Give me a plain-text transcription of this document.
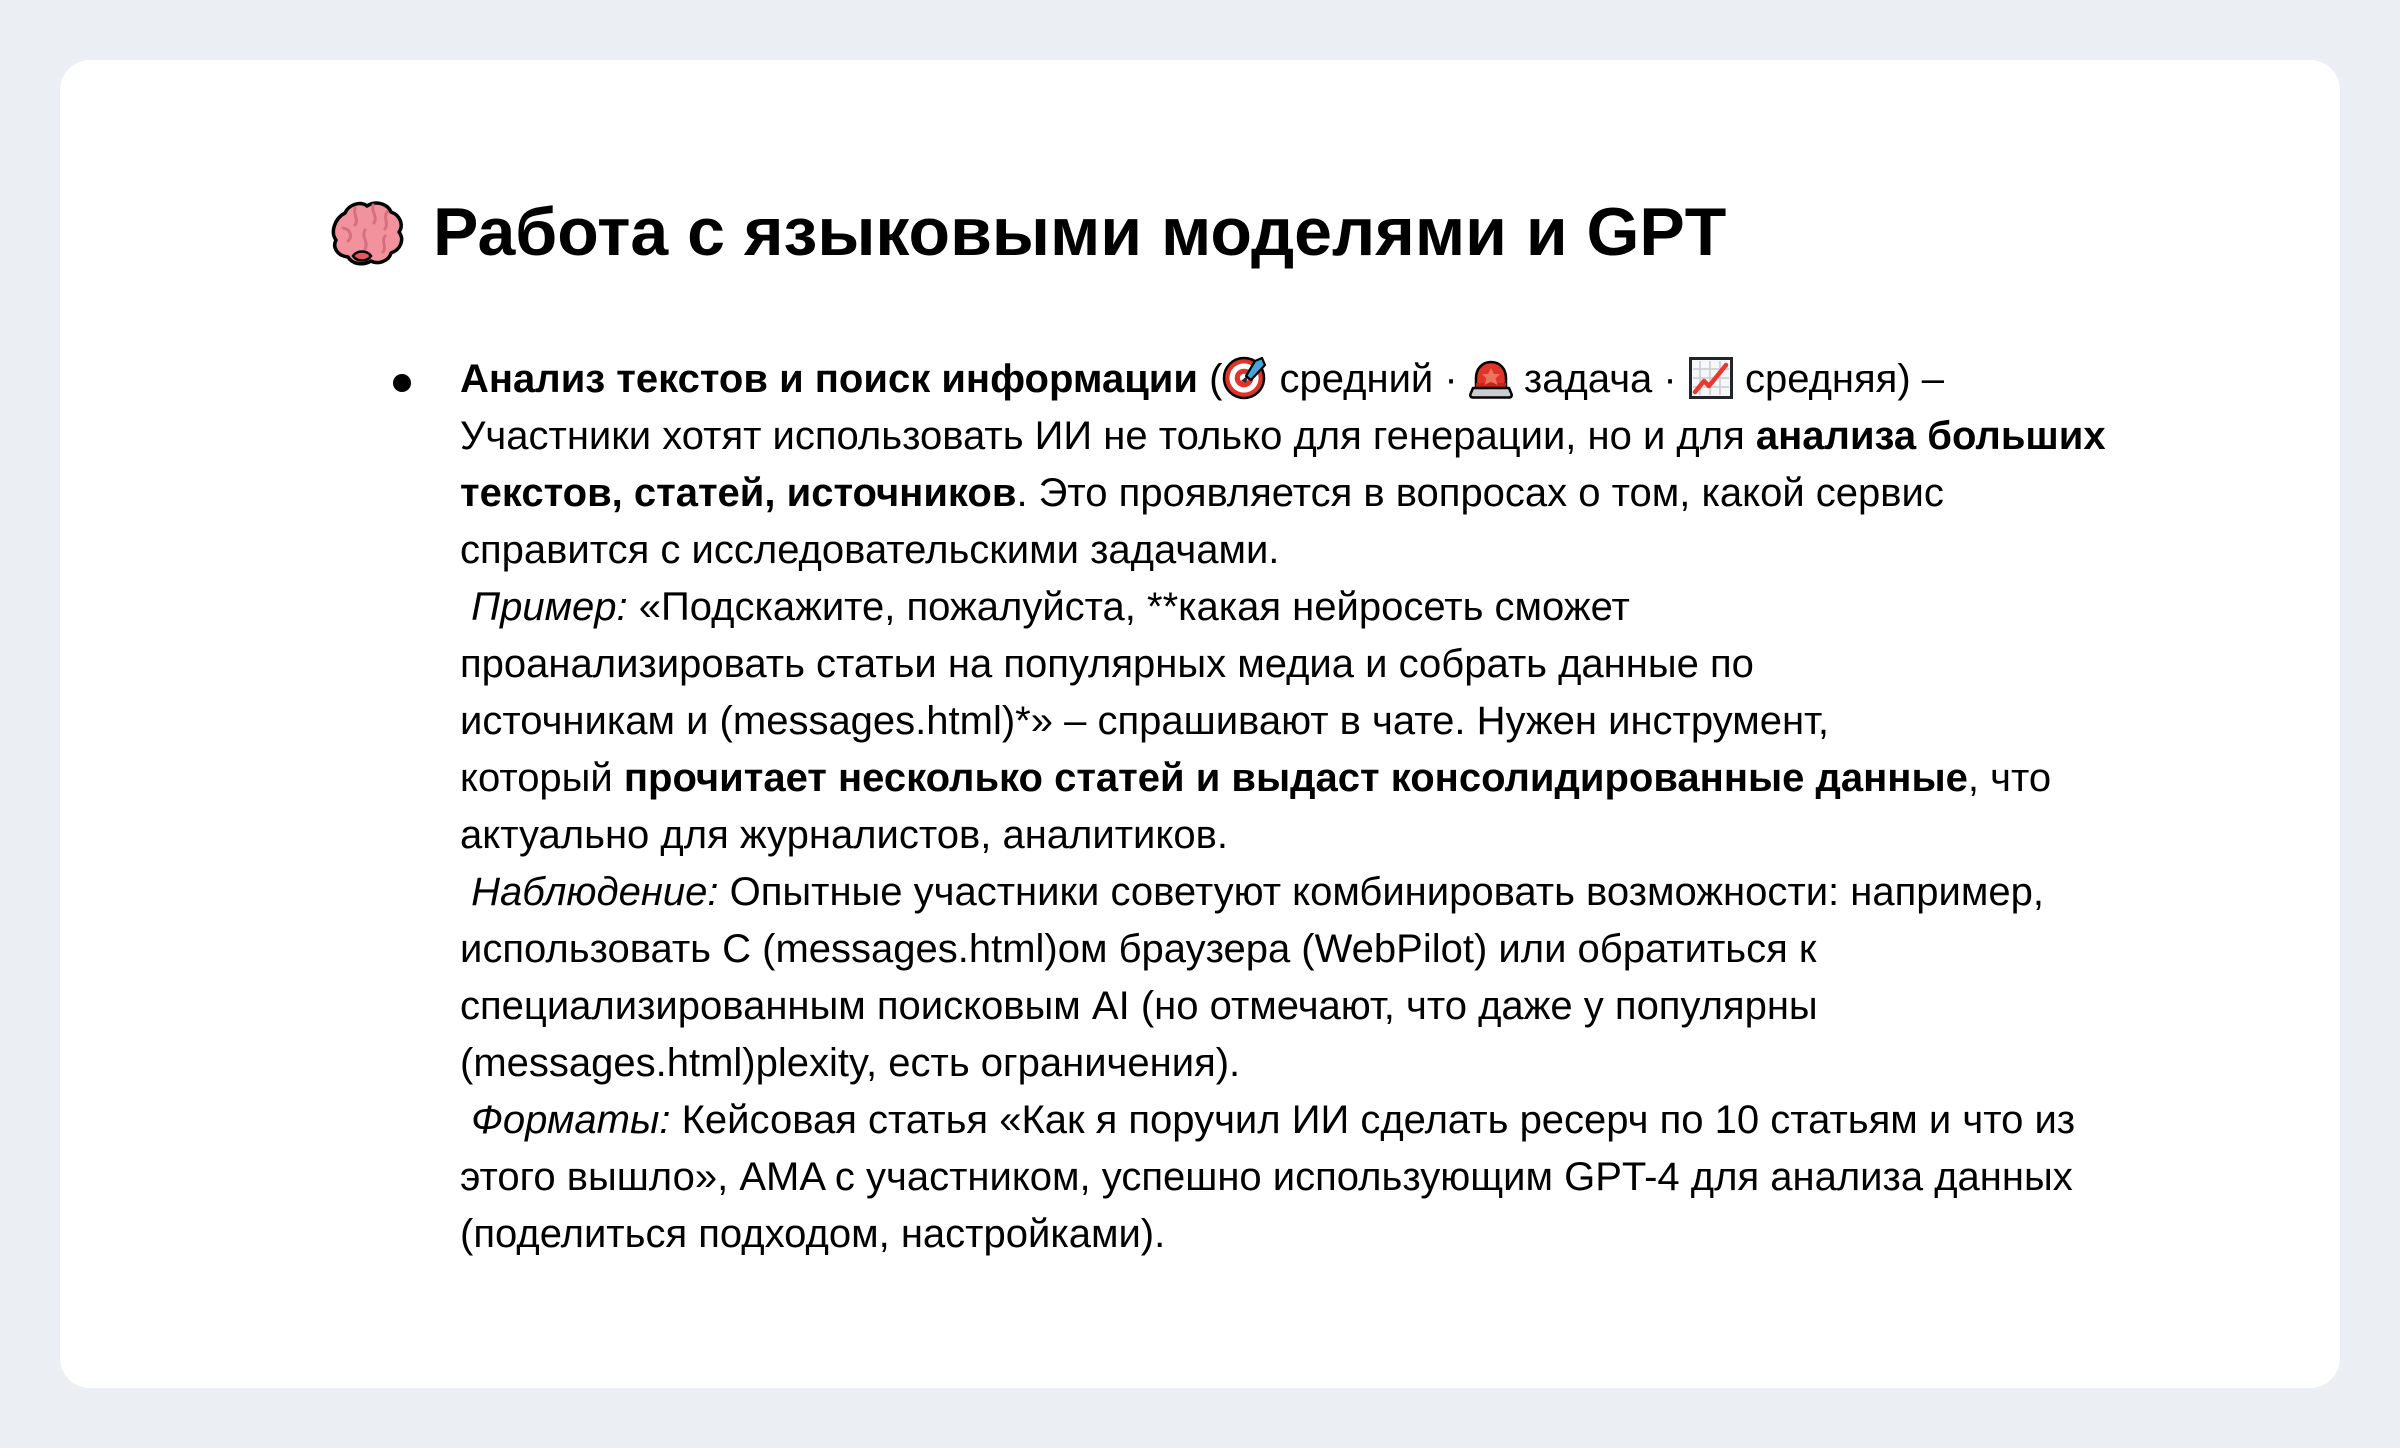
Работа с языковыми моделями и GPT

Анализ текстов и поиск информации (
средний ·
задача ·
средняя) –
Участники хотят использовать ИИ не только для генерации, но и для анализа больших текстов, статей, источников. Это проявляется в вопросах о том, какой сервис справится с исследовательскими задачами.
Пример: «Подскажите, пожалуйста, **какая нейросеть сможет
проанализировать статьи на популярных медиа и собрать данные по
источникам и (messages.html)*» – спрашивают в чате. Нужен инструмент,
который прочитает несколько статей и выдаст консолидированные данные, что актуально для журналистов, аналитиков.
Наблюдение: Опытные участники советуют комбинировать возможности: например, использовать C (messages.html)ом браузера (WebPilot) или обратиться к специализированным поисковым AI (но отмечают, что даже у популярны (messages.html)plexity, есть ограничения).
Форматы: Кейсовая статья «Как я поручил ИИ сделать ресерч по 10 статьям и что из этого вышло», AMA с участником, успешно использующим GPT-4 для анализа данных (поделиться подходом, настройками).
